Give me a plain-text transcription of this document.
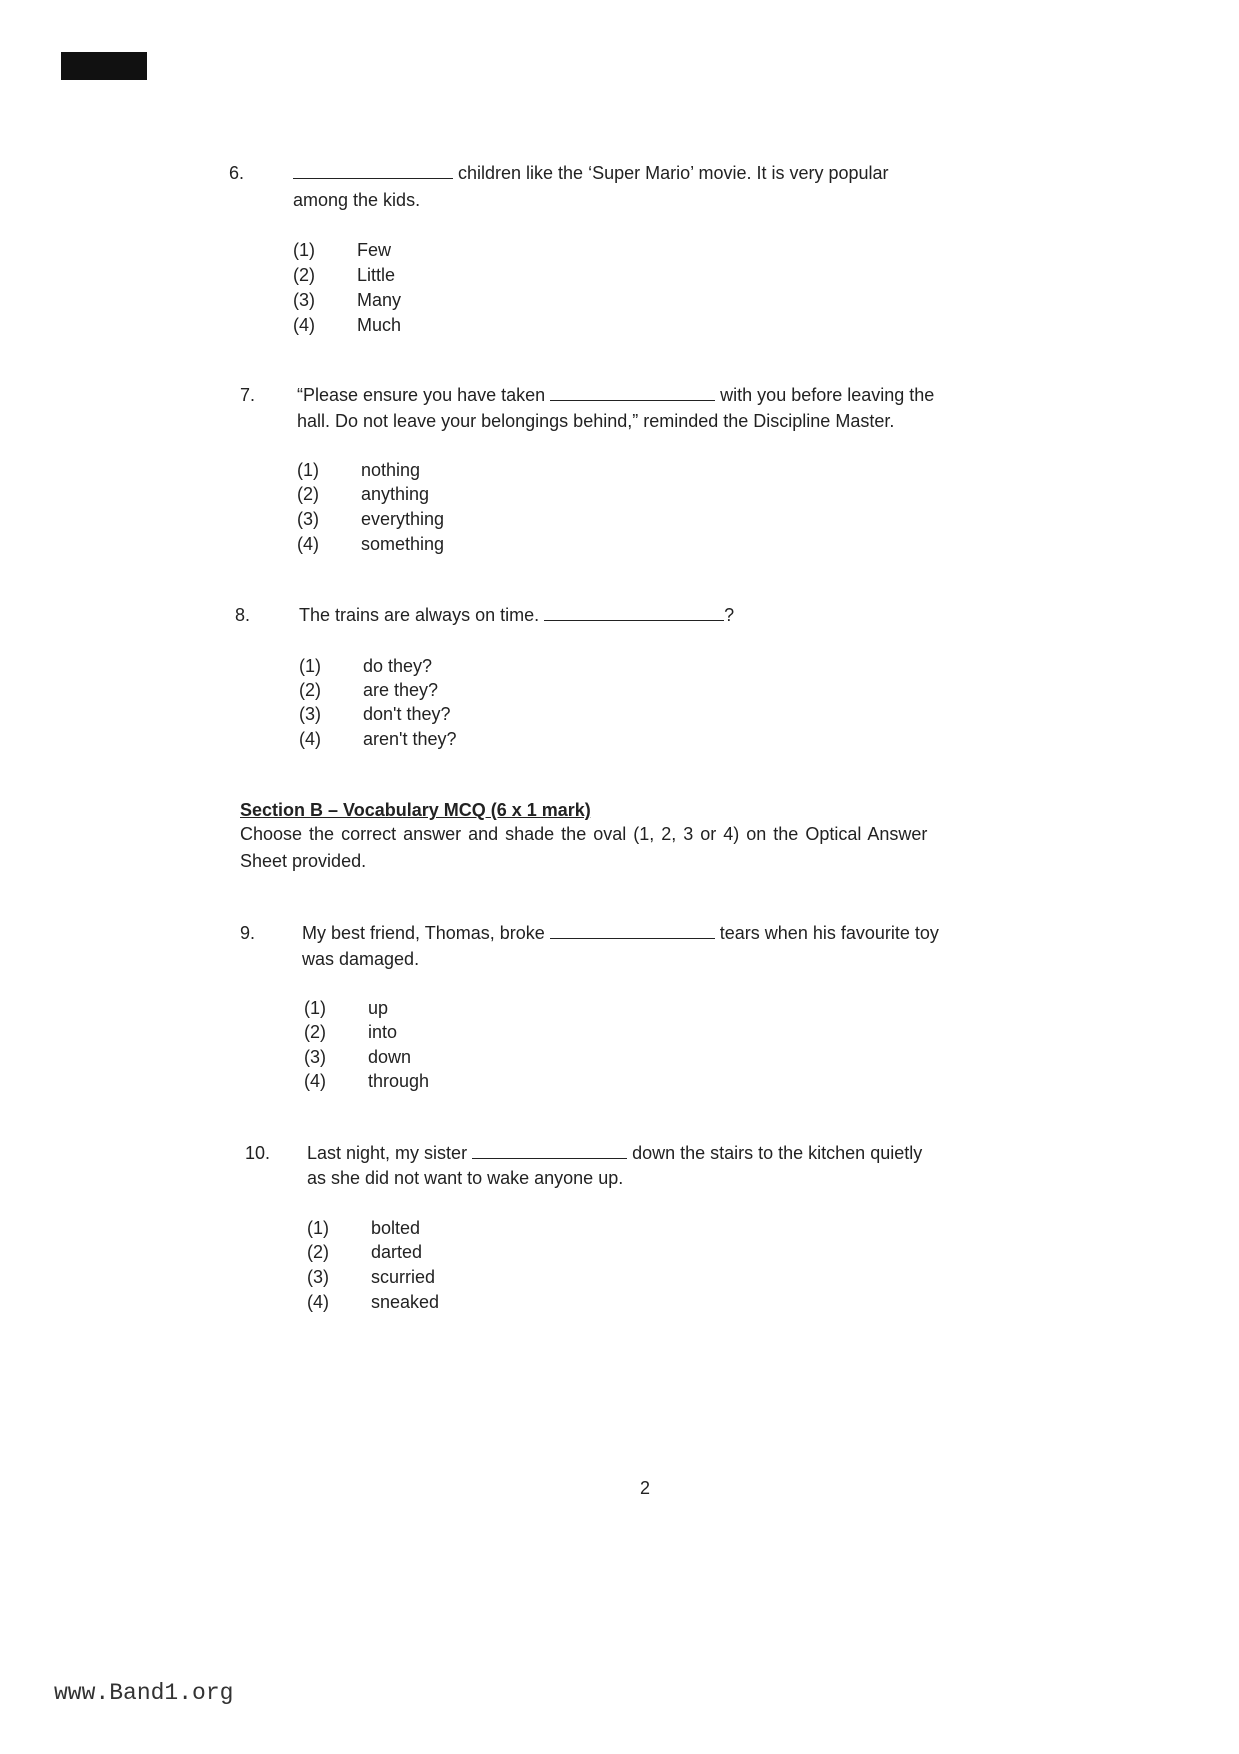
6.	children like the ‘Super Mario’ movie. It is very popular
among the kids.
(1) Few
(2) Little
(3) Many
(4) Much
7. “Please ensure you have taken	with you before leaving the
hall. Do not leave your belongings behind,” reminded the Discipline Master.
(1) nothing
(2) anything
(3) everything
(4) something
8.	The trains are always on time.	?
(1) do they?
(2) are they?
(3) don't they?
(4) aren't they?
9.	My best friend, Thomas, broke	tears when his favourite toy
was damaged.
(1) up
(2) into
(3) down
(4) through
10. Last night, my sister	down the stairs to the kitchen quietly
as she did not want to wake anyone up.
(1) bolted
(2) darted
(3) scurried
(4) sneaked
Section B – Vocabulary MCQ (6 x 1 mark)
Choose the correct answer and shade the oval (1, 2, 3 or 4) on the Optical Answer
Sheet provided.
2
www.Band1.org
